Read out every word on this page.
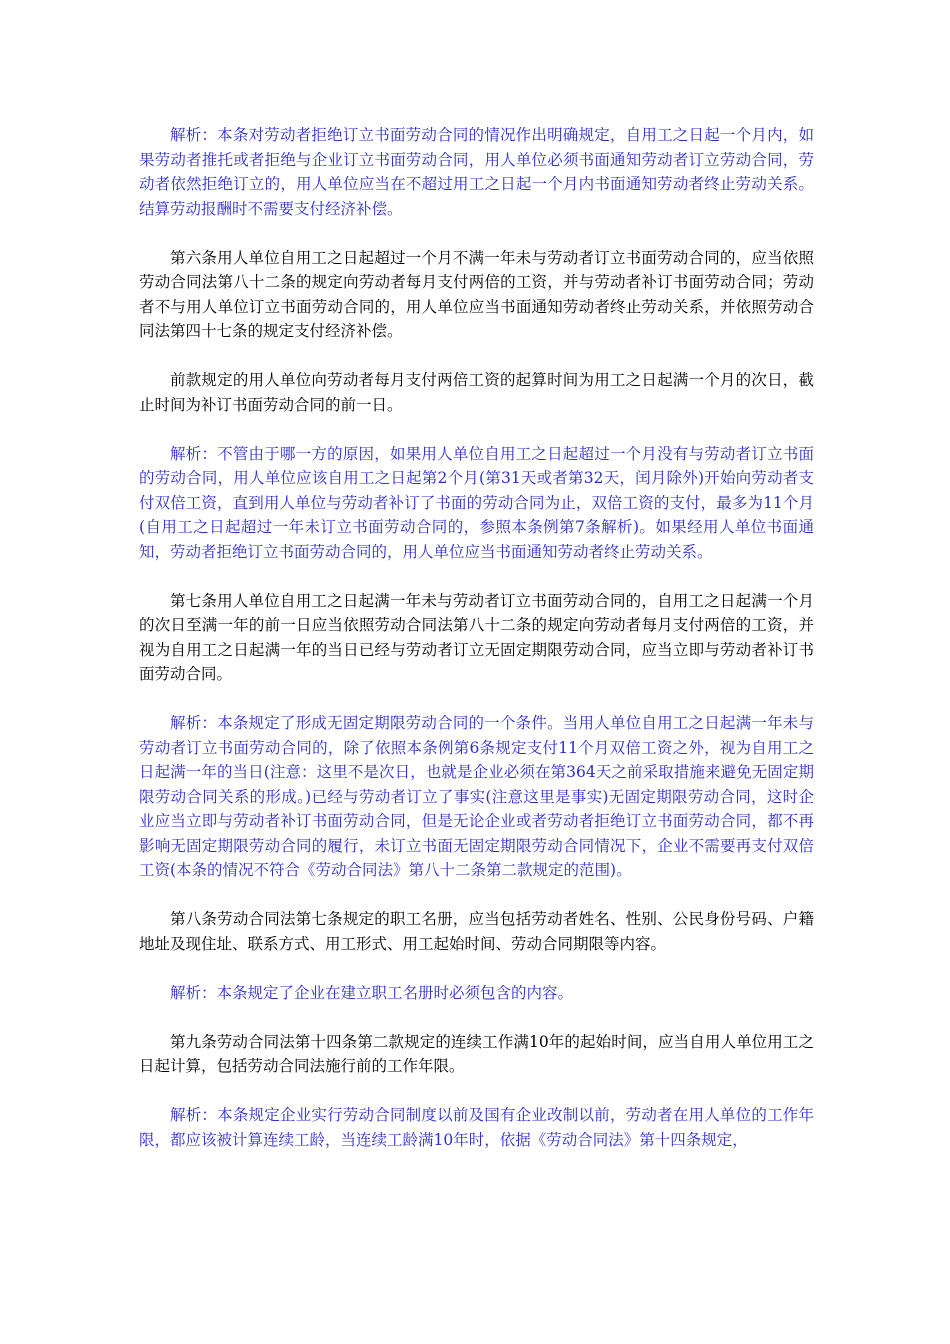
解析：本条对劳动者拒绝订立书面劳动合同的情况作出明确规定，自用工之日起一个月内，如果劳动者推托或者拒绝与企业订立书面劳动合同，用人单位必须书面通知劳动者订立劳动合同，劳动者依然拒绝订立的，用人单位应当在不超过用工之日起一个月内书面通知劳动者终止劳动关系。结算劳动报酬时不需要支付经济补偿。

第六条用人单位自用工之日起超过一个月不满一年未与劳动者订立书面劳动合同的，应当依照劳动合同法第八十二条的规定向劳动者每月支付两倍的工资，并与劳动者补订书面劳动合同；劳动者不与用人单位订立书面劳动合同的，用人单位应当书面通知劳动者终止劳动关系，并依照劳动合同法第四十七条的规定支付经济补偿。

前款规定的用人单位向劳动者每月支付两倍工资的起算时间为用工之日起满一个月的次日，截止时间为补订书面劳动合同的前一日。

解析：不管由于哪一方的原因，如果用人单位自用工之日起超过一个月没有与劳动者订立书面的劳动合同，用人单位应该自用工之日起第2个月(第31天或者第32天，闰月除外)开始向劳动者支付双倍工资，直到用人单位与劳动者补订了书面的劳动合同为止，双倍工资的支付，最多为11个月(自用工之日起超过一年未订立书面劳动合同的，参照本条例第7条解析)。如果经用人单位书面通知，劳动者拒绝订立书面劳动合同的，用人单位应当书面通知劳动者终止劳动关系。

第七条用人单位自用工之日起满一年未与劳动者订立书面劳动合同的，自用工之日起满一个月的次日至满一年的前一日应当依照劳动合同法第八十二条的规定向劳动者每月支付两倍的工资，并视为自用工之日起满一年的当日已经与劳动者订立无固定期限劳动合同，应当立即与劳动者补订书面劳动合同。

解析：本条规定了形成无固定期限劳动合同的一个条件。当用人单位自用工之日起满一年未与劳动者订立书面劳动合同的，除了依照本条例第6条规定支付11个月双倍工资之外，视为自用工之日起满一年的当日(注意：这里不是次日，也就是企业必须在第364天之前采取措施来避免无固定期限劳动合同关系的形成。)已经与劳动者订立了事实(注意这里是事实)无固定期限劳动合同，这时企业应当立即与劳动者补订书面劳动合同，但是无论企业或者劳动者拒绝订立书面劳动合同，都不再影响无固定期限劳动合同的履行，未订立书面无固定期限劳动合同情况下，企业不需要再支付双倍工资(本条的情况不符合《劳动合同法》第八十二条第二款规定的范围)。

第八条劳动合同法第七条规定的职工名册，应当包括劳动者姓名、性别、公民身份号码、户籍地址及现住址、联系方式、用工形式、用工起始时间、劳动合同期限等内容。

解析：本条规定了企业在建立职工名册时必须包含的内容。

第九条劳动合同法第十四条第二款规定的连续工作满10年的起始时间，应当自用人单位用工之日起计算，包括劳动合同法施行前的工作年限。

解析：本条规定企业实行劳动合同制度以前及国有企业改制以前，劳动者在用人单位的工作年限，都应该被计算连续工龄，当连续工龄满10年时，依据《劳动合同法》第十四条规定，
